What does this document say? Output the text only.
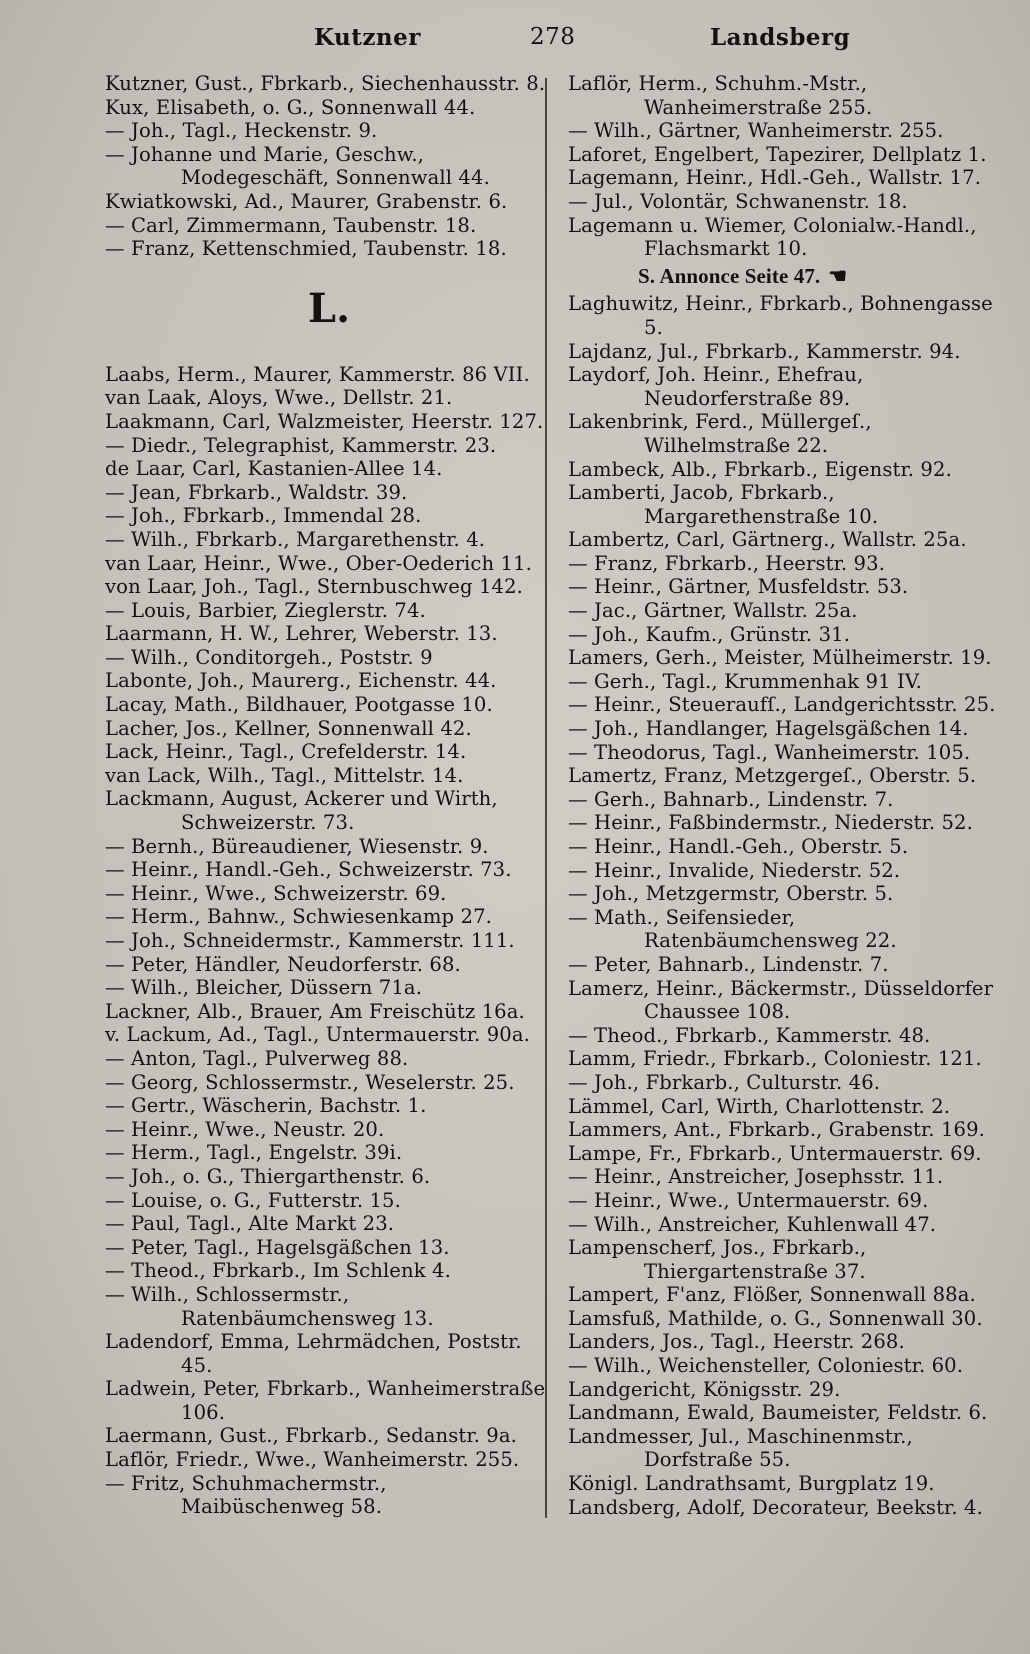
Kutzner	278	Landsberg

Kutzner, Gust., Fbrkarb., Siechenhausstr. 8.

Kux, Elisabeth, o. G., Sonnenwall 44.

— Joh., Tagl., Heckenstr. 9.

— Johanne und Marie, Geschw., Modegeschäft, Sonnenwall 44.

Kwiatkowski, Ad., Maurer, Grabenstr. 6.

— Carl, Zimmermann, Taubenstr. 18.

— Franz, Kettenschmied, Taubenstr. 18.

L.

Laabs, Herm., Maurer, Kammerstr. 86 VII.

van Laak, Aloys, Wwe., Dellstr. 21.

Laakmann, Carl, Walzmeister, Heerstr. 127.

— Diedr., Telegraphist, Kammerstr. 23.

de Laar, Carl, Kastanien-Allee 14.

— Jean, Fbrkarb., Waldstr. 39.

— Joh., Fbrkarb., Immendal 28.

— Wilh., Fbrkarb., Margarethenstr. 4.

van Laar, Heinr., Wwe., Ober-Oederich 11.

von Laar, Joh., Tagl., Sternbuschweg 142.

— Louis, Barbier, Zieglerstr. 74.

Laarmann, H. W., Lehrer, Weberstr. 13.

— Wilh., Conditorgeh., Poststr. 9

Labonte, Joh., Maurerg., Eichenstr. 44.

Lacay, Math., Bildhauer, Pootgasse 10.

Lacher, Jos., Kellner, Sonnenwall 42.

Lack, Heinr., Tagl., Crefelderstr. 14.

van Lack, Wilh., Tagl., Mittelstr. 14.

Lackmann, August, Ackerer und Wirth, Schweizerstr. 73.

— Bernh., Büreaudiener, Wiesenstr. 9.

— Heinr., Handl.-Geh., Schweizerstr. 73.

— Heinr., Wwe., Schweizerstr. 69.

— Herm., Bahnw., Schwiesenkamp 27.

— Joh., Schneidermstr., Kammerstr. 111.

— Peter, Händler, Neudorferstr. 68.

— Wilh., Bleicher, Düssern 71a.

Lackner, Alb., Brauer, Am Freischütz 16a.

v. Lackum, Ad., Tagl., Untermauerstr. 90a.

— Anton, Tagl., Pulverweg 88.

— Georg, Schlossermstr., Weselerstr. 25.

— Gertr., Wäscherin, Bachstr. 1.

— Heinr., Wwe., Neustr. 20.

— Herm., Tagl., Engelstr. 39i.

— Joh., o. G., Thiergarthenstr. 6.

— Louise, o. G., Futterstr. 15.

— Paul, Tagl., Alte Markt 23.

— Peter, Tagl., Hagelsgäßchen 13.

— Theod., Fbrkarb., Im Schlenk 4.

— Wilh., Schlossermstr., Ratenbäumchensweg 13.

Ladendorf, Emma, Lehrmädchen, Poststr. 45.

Ladwein, Peter, Fbrkarb., Wanheimerstraße 106.

Laermann, Gust., Fbrkarb., Sedanstr. 9a.

Laflör, Friedr., Wwe., Wanheimerstr. 255.

— Fritz, Schuhmachermstr., Maibüschenweg 58.

Laflör, Herm., Schuhm.-Mstr., Wanheimerstraße 255.

— Wilh., Gärtner, Wanheimerstr. 255.

Laforet, Engelbert, Tapezirer, Dellplatz 1.

Lagemann, Heinr., Hdl.-Geh., Wallstr. 17.

— Jul., Volontär, Schwanenstr. 18.

Lagemann u. Wiemer, Colonialw.-Handl., Flachsmarkt 10.

S. Annonce Seite 47. ☚

Laghuwitz, Heinr., Fbrkarb., Bohnengasse 5.

Lajdanz, Jul., Fbrkarb., Kammerstr. 94.

Laydorf, Joh. Heinr., Ehefrau, Neudorferstraße 89.

Lakenbrink, Ferd., Müllergeſ., Wilhelmstraße 22.

Lambeck, Alb., Fbrkarb., Eigenstr. 92.

Lamberti, Jacob, Fbrkarb., Margarethenstraße 10.

Lambertz, Carl, Gärtnerg., Wallstr. 25a.

— Franz, Fbrkarb., Heerstr. 93.

— Heinr., Gärtner, Musfeldstr. 53.

— Jac., Gärtner, Wallstr. 25a.

— Joh., Kaufm., Grünstr. 31.

Lamers, Gerh., Meister, Mülheimerstr. 19.

— Gerh., Tagl., Krummenhak 91 IV.

— Heinr., Steueraufſ., Landgerichtsstr. 25.

— Joh., Handlanger, Hagelsgäßchen 14.

— Theodorus, Tagl., Wanheimerstr. 105.

Lamertz, Franz, Metzgergeſ., Oberstr. 5.

— Gerh., Bahnarb., Lindenstr. 7.

— Heinr., Faßbindermstr., Niederstr. 52.

— Heinr., Handl.-Geh., Oberstr. 5.

— Heinr., Invalide, Niederstr. 52.

— Joh., Metzgermstr, Oberstr. 5.

— Math., Seifensieder, Ratenbäumchensweg 22.

— Peter, Bahnarb., Lindenstr. 7.

Lamerz, Heinr., Bäckermstr., Düsseldorfer Chaussee 108.

— Theod., Fbrkarb., Kammerstr. 48.

Lamm, Friedr., Fbrkarb., Coloniestr. 121.

— Joh., Fbrkarb., Culturstr. 46.

Lämmel, Carl, Wirth, Charlottenstr. 2.

Lammers, Ant., Fbrkarb., Grabenstr. 169.

Lampe, Fr., Fbrkarb., Untermauerstr. 69.

— Heinr., Anstreicher, Josephsstr. 11.

— Heinr., Wwe., Untermauerstr. 69.

— Wilh., Anstreicher, Kuhlenwall 47.

Lampenscherf, Jos., Fbrkarb., Thiergartenstraße 37.

Lampert, F'anz, Flößer, Sonnenwall 88a.

Lamsfuß, Mathilde, o. G., Sonnenwall 30.

Landers, Jos., Tagl., Heerstr. 268.

— Wilh., Weichensteller, Coloniestr. 60.

Landgericht, Königsstr. 29.

Landmann, Ewald, Baumeister, Feldstr. 6.

Landmesser, Jul., Maschinenmstr., Dorfstraße 55.

Königl. Landrathsamt, Burgplatz 19.

Landsberg, Adolf, Decorateur, Beekstr. 4.
